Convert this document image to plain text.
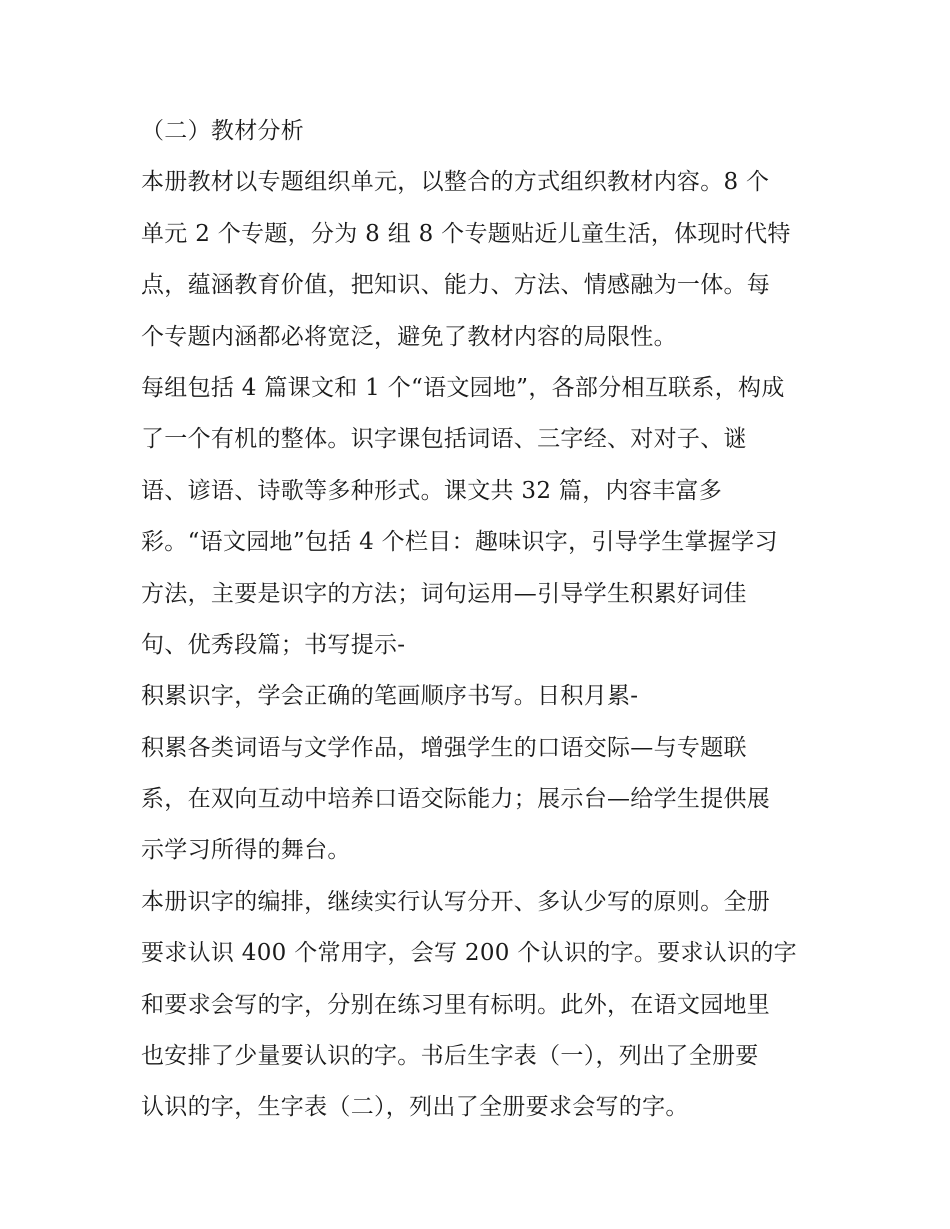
（二）教材分析
本册教材以专题组织单元，以整合的方式组织教材内容。8 个
单元 2 个专题，分为 8 组 8 个专题贴近儿童生活，体现时代特
点，蕴涵教育价值，把知识、能力、方法、情感融为一体。每
个专题内涵都必将宽泛，避免了教材内容的局限性。
每组包括 4 篇课文和 1 个“语文园地”，各部分相互联系，构成
了一个有机的整体。识字课包括词语、三字经、对对子、谜
语、谚语、诗歌等多种形式。课文共 32 篇，内容丰富多
彩。“语文园地”包括 4 个栏目：趣味识字，引导学生掌握学习
方法，主要是识字的方法；词句运用—引导学生积累好词佳
句、优秀段篇；书写提示-
积累识字，学会正确的笔画顺序书写。日积月累-
积累各类词语与文学作品，增强学生的口语交际—与专题联
系，在双向互动中培养口语交际能力；展示台—给学生提供展
示学习所得的舞台。
本册识字的编排，继续实行认写分开、多认少写的原则。全册
要求认识 400 个常用字，会写 200 个认识的字。要求认识的字
和要求会写的字，分别在练习里有标明。此外，在语文园地里
也安排了少量要认识的字。书后生字表（一），列出了全册要
认识的字，生字表（二），列出了全册要求会写的字。
